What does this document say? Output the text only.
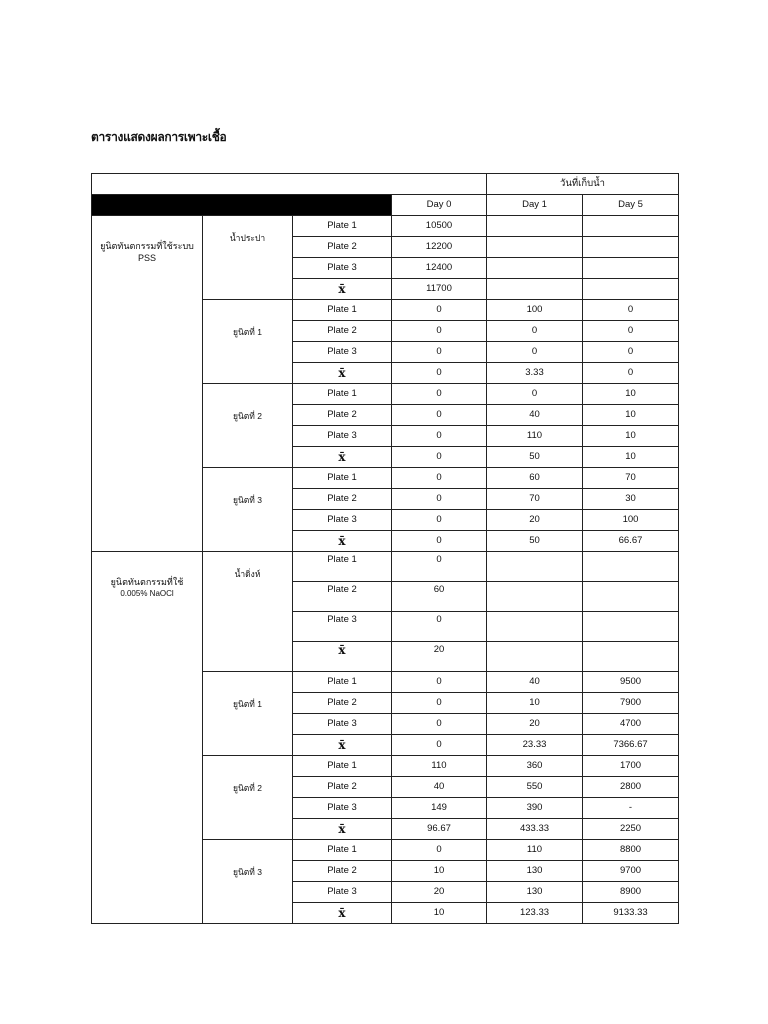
ตารางแสดงผลการเพาะเชื้อ
				วันที่เก็บน้ำ	
			Day 0	Day 1	Day 5

ยูนิตทันตกรรมที่ใช้ระบบ
PSS	น้ำประปา	Plate 1	10500		
		Plate 2	12200		
		Plate 3	12400		
		x̄	11700		
	ยูนิตที่ 1	Plate 1	0	100	0
		Plate 2	0	0	0
		Plate 3	0	0	0
		x̄	0	3.33	0
	ยูนิตที่ 2	Plate 1	0	0	10
		Plate 2	0	40	10
		Plate 3	0	110	10
		x̄	0	50	10
	ยูนิตที่ 3	Plate 1	0	60	70
		Plate 2	0	70	30
		Plate 3	0	20	100
		x̄	0	50	66.67

ยูนิตทันตกรรมที่ใช้
0.005% NaOCl	น้ำดิ่งห์	Plate 1	0		
		Plate 2	60		
		Plate 3	0		
		x̄	20		
	ยูนิตที่ 1	Plate 1	0	40	9500
		Plate 2	0	10	7900
		Plate 3	0	20	4700
		x̄	0	23.33	7366.67
	ยูนิตที่ 2	Plate 1	110	360	1700
		Plate 2	40	550	2800
		Plate 3	149	390	-
		x̄	96.67	433.33	2250
	ยูนิตที่ 3	Plate 1	0	110	8800
		Plate 2	10	130	9700
		Plate 3	20	130	8900
		x̄	10	123.33	9133.33
